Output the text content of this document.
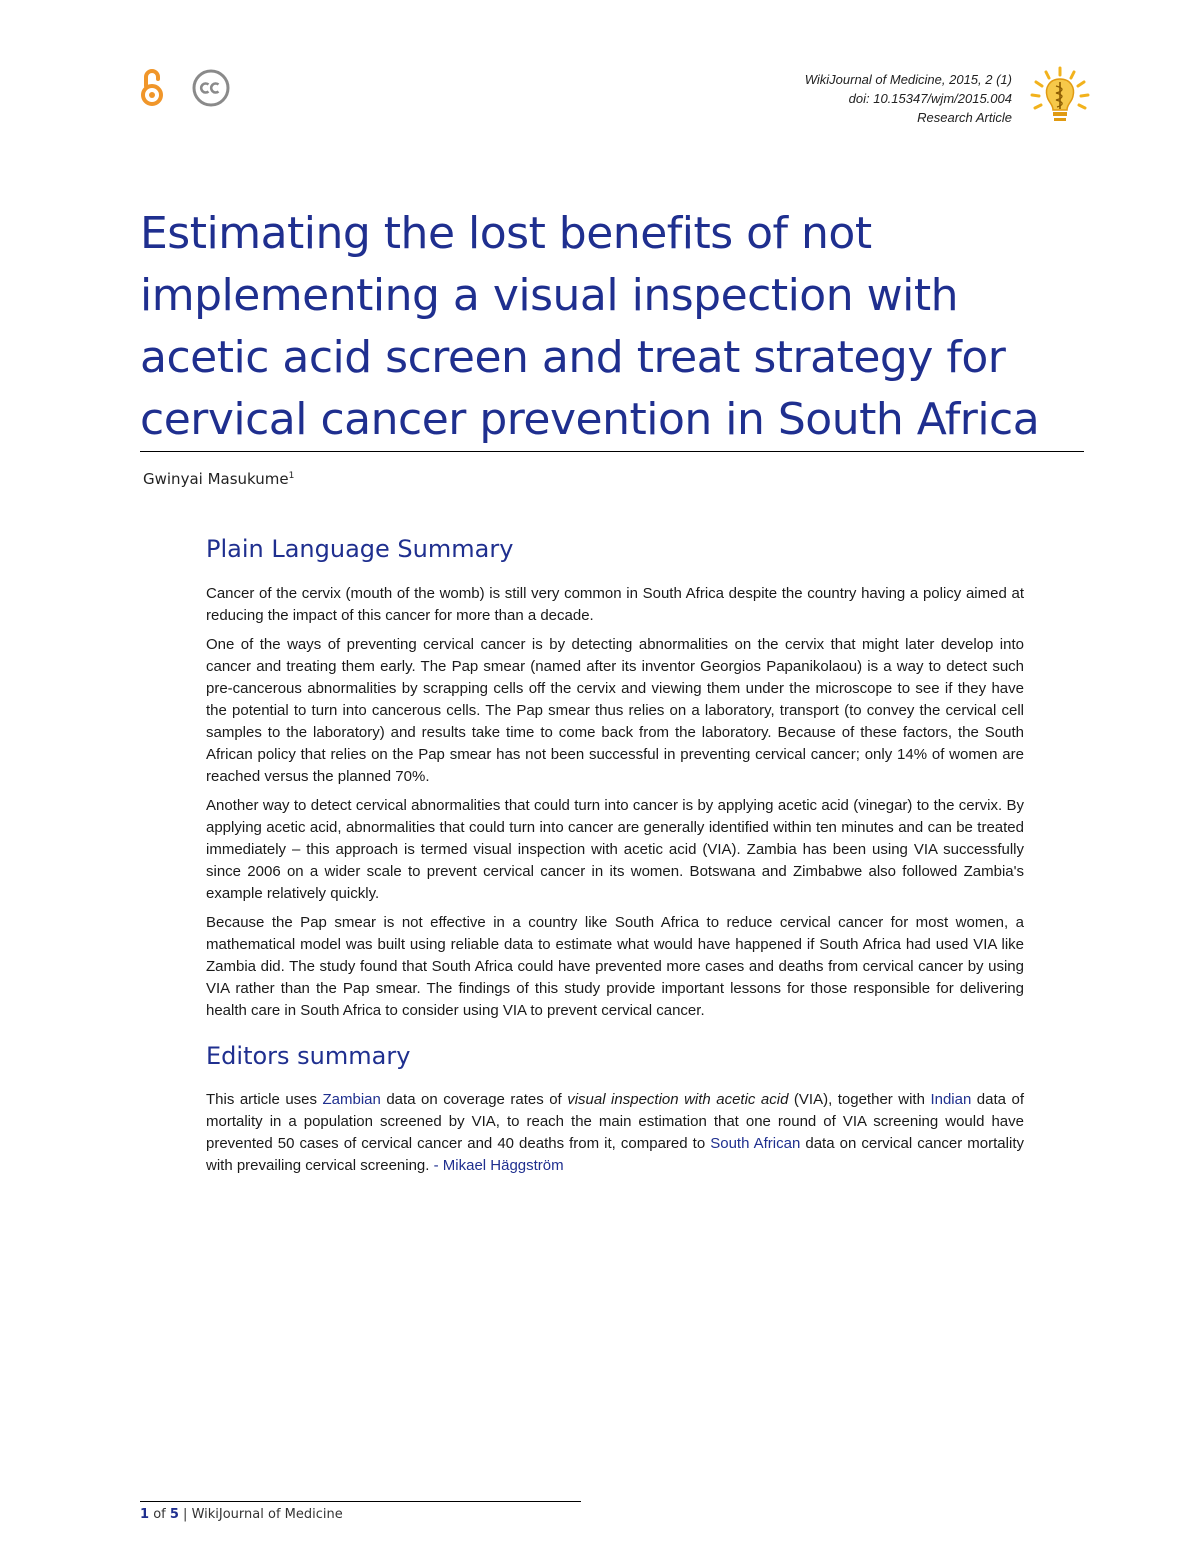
WikiJournal of Medicine, 2015, 2 (1)
doi: 10.15347/wjm/2015.004
Research Article
Estimating the lost benefits of not implementing a visual inspection with acetic acid screen and treat strategy for cervical cancer prevention in South Africa
Gwinyai Masukume$^1$
Plain Language Summary

Cancer of the cervix (mouth of the womb) is still very common in South Africa despite the country having a policy aimed at reducing the impact of this cancer for more than a decade.

One of the ways of preventing cervical cancer is by detecting abnormalities on the cervix that might later develop into cancer and treating them early. The Pap smear (named after its inventor Georgios Papanikolaou) is a way to detect such pre-cancerous abnormalities by scrapping cells off the cervix and viewing them under the microscope to see if they have the potential to turn into cancerous cells. The Pap smear thus relies on a laboratory, transport (to convey the cervical cell samples to the laboratory) and results take time to come back from the laboratory. Because of these factors, the South African policy that relies on the Pap smear has not been successful in preventing cervical cancer; only 14% of women are reached versus the planned 70%.

Another way to detect cervical abnormalities that could turn into cancer is by applying acetic acid (vinegar) to the cervix. By applying acetic acid, abnormalities that could turn into cancer are generally identified within ten minutes and can be treated immediately – this approach is termed visual inspection with acetic acid (VIA). Zambia has been using VIA successfully since 2006 on a wider scale to prevent cervical cancer in its women. Botswana and Zimbabwe also followed Zambia's example relatively quickly.

Because the Pap smear is not effective in a country like South Africa to reduce cervical cancer for most women, a mathematical model was built using reliable data to estimate what would have happened if South Africa had used VIA like Zambia did. The study found that South Africa could have prevented more cases and deaths from cervical cancer by using VIA rather than the Pap smear. The findings of this study provide important lessons for those responsible for delivering health care in South Africa to consider using VIA to prevent cervical cancer.

Editors summary

This article uses Zambian data on coverage rates of visual inspection with acetic acid (VIA), together with Indian data of mortality in a population screened by VIA, to reach the main estimation that one round of VIA screening would have prevented 50 cases of cervical cancer and 40 deaths from it, compared to South African data on cervical cancer mortality with prevailing cervical screening. - Mikael Häggström

1 of 5 | WikiJournal of Medicine
